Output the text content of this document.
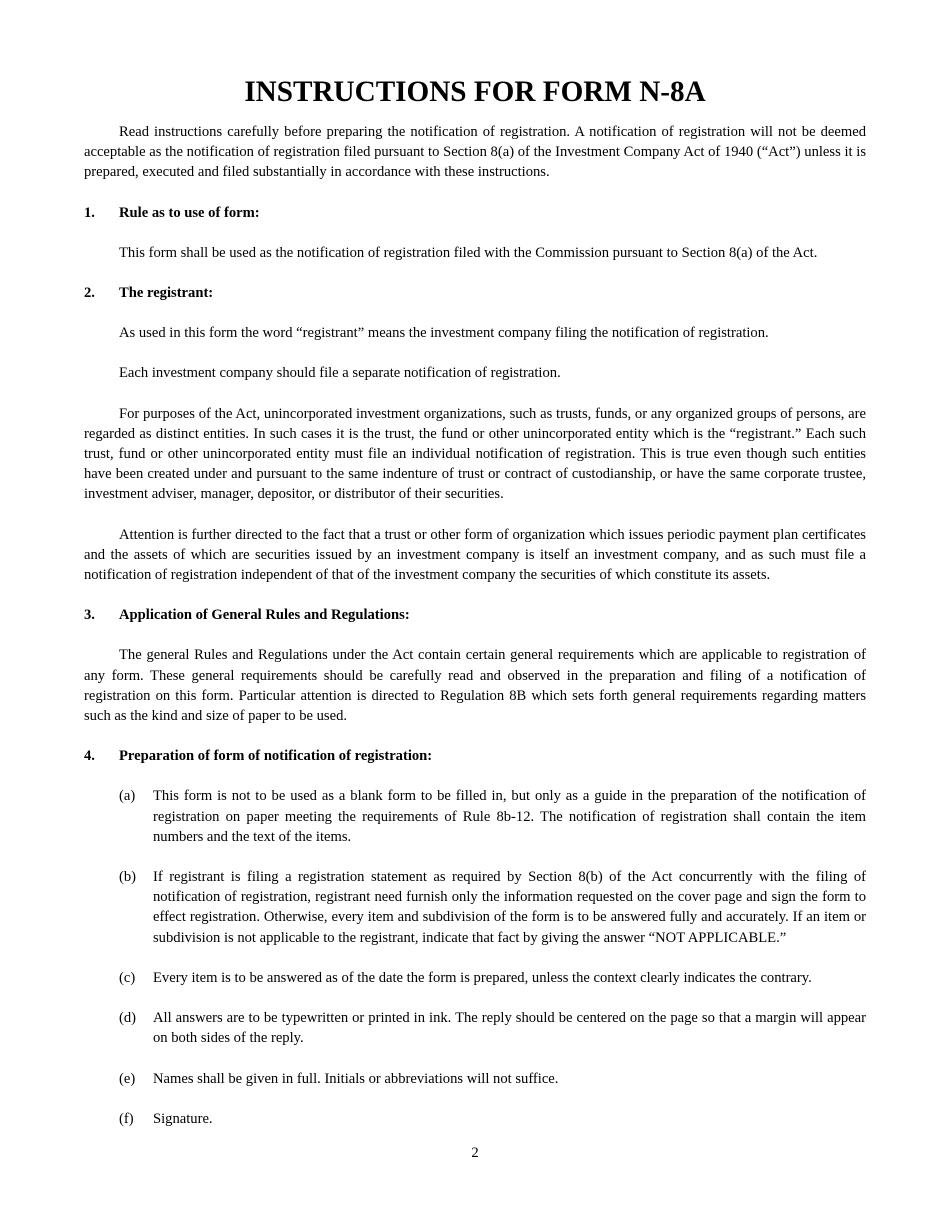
INSTRUCTIONS FOR FORM N-8A

Read instructions carefully before preparing the notification of registration. A notification of registration will not be deemed acceptable as the notification of registration filed pursuant to Section 8(a) of the Investment Company Act of 1940 (“Act”) unless it is prepared, executed and filed substantially in accordance with these instructions.

1.	Rule as to use of form:

This form shall be used as the notification of registration filed with the Commission pursuant to Section 8(a) of the Act.

2.	The registrant:

As used in this form the word “registrant” means the investment company filing the notification of registration.

Each investment company should file a separate notification of registration.

For purposes of the Act, unincorporated investment organizations, such as trusts, funds, or any organized groups of persons, are regarded as distinct entities. In such cases it is the trust, the fund or other unincorporated entity which is the “registrant.” Each such trust, fund or other unincorporated entity must file an individual notification of registration. This is true even though such entities have been created under and pursuant to the same indenture of trust or contract of custodianship, or have the same corporate trustee, investment adviser, manager, depositor, or distributor of their securities.

Attention is further directed to the fact that a trust or other form of organization which issues periodic payment plan certificates and the assets of which are securities issued by an investment company is itself an investment company, and as such must file a notification of registration independent of that of the investment company the securities of which constitute its assets.

3.	Application of General Rules and Regulations:

The general Rules and Regulations under the Act contain certain general requirements which are applicable to registration of any form. These general requirements should be carefully read and observed in the preparation and filing of a notification of registration on this form. Particular attention is directed to Regulation 8B which sets forth general requirements regarding matters such as the kind and size of paper to be used.

4.	Preparation of form of notification of registration:
(a)	This form is not to be used as a blank form to be filled in, but only as a guide in the preparation of the notification of registration on paper meeting the requirements of Rule 8b-12. The notification of registration shall contain the item numbers and the text of the items.
(b)	If registrant is filing a registration statement as required by Section 8(b) of the Act concurrently with the filing of notification of registration, registrant need furnish only the information requested on the cover page and sign the form to effect registration. Otherwise, every item and subdivision of the form is to be answered fully and accurately. If an item or subdivision is not applicable to the registrant, indicate that fact by giving the answer “NOT APPLICABLE.”
(c)	Every item is to be answered as of the date the form is prepared, unless the context clearly indicates the contrary.
(d)	All answers are to be typewritten or printed in ink. The reply should be centered on the page so that a margin will appear on both sides of the reply.
(e)	Names shall be given in full. Initials or abbreviations will not suffice.
(f)	Signature.
2
